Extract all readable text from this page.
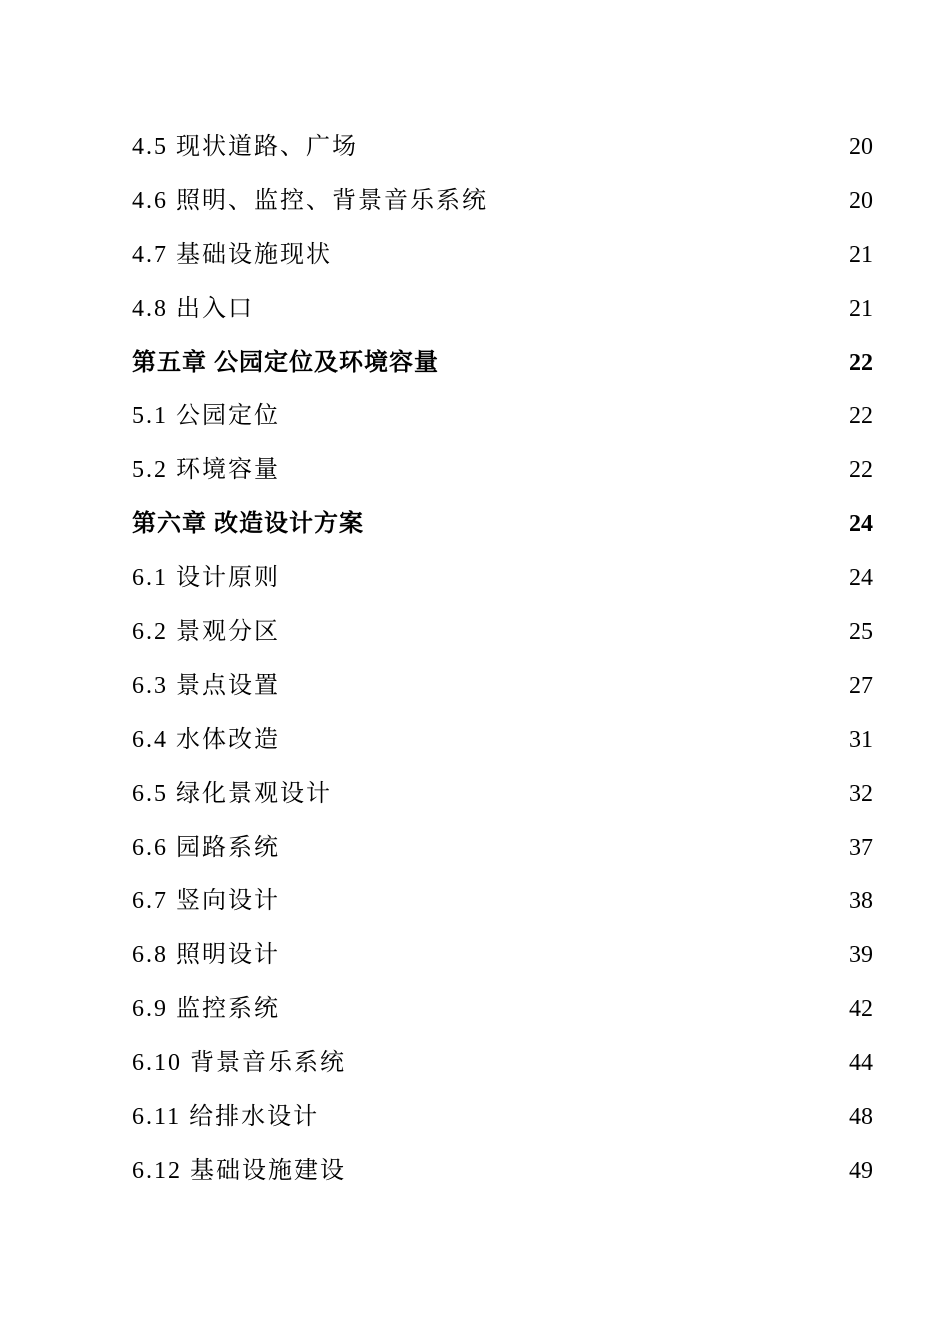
4.5 现状道路、广场	20
4.6 照明、监控、背景音乐系统	20
4.7 基础设施现状	21
4.8 出入口	21
第五章 公园定位及环境容量	22
5.1 公园定位	22
5.2 环境容量	22
第六章 改造设计方案	24
6.1 设计原则	24
6.2 景观分区	25
6.3 景点设置	27
6.4 水体改造	31
6.5 绿化景观设计	32
6.6 园路系统	37
6.7 竖向设计	38
6.8 照明设计	39
6.9 监控系统	42
6.10 背景音乐系统	44
6.11 给排水设计	48
6.12 基础设施建设	49
